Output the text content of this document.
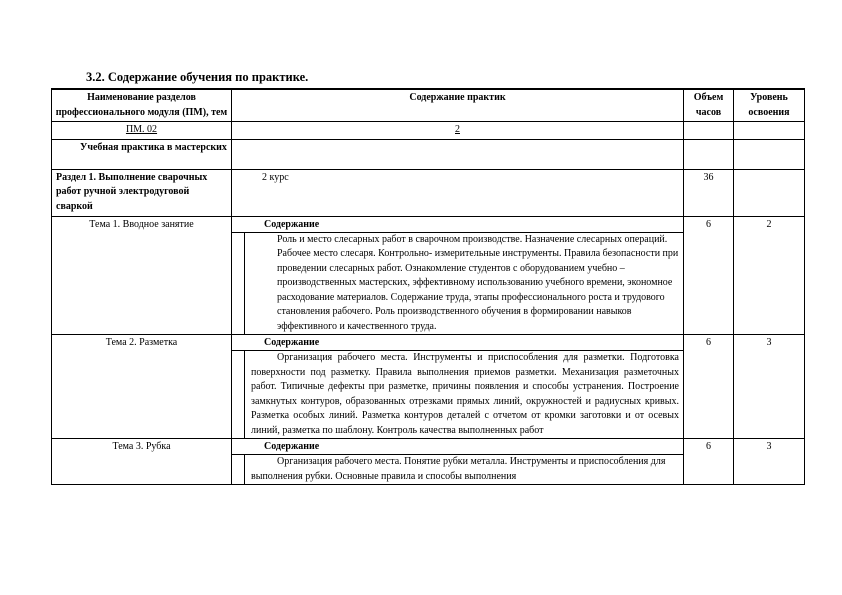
3.2. Содержание обучения по практике.
Наименование разделов профессионального модуля (ПМ), тем	Содержание практик	Объем часов	Уровень освоения
ПМ. 02	2		
Учебная практика в мастерских			
Раздел 1. Выполнение сварочных работ ручной электродуговой сваркой	2 курс	36	
Тема 1. Вводное занятие	Содержание
Роль и место слесарных работ в сварочном производстве. Назначение слесарных операций. Рабочее место слесаря. Контрольно- измерительные инструменты. Правила безопасности при проведении слесарных работ. Ознакомление студентов с оборудованием учебно – производственных мастерских, эффективному использованию учебного времени, экономное расходование материалов. Содержание труда, этапы профессионального роста и трудового становления рабочего. Роль производственного обучения в формировании навыков эффективного и качественного труда.	6	2
Тема 2. Разметка	Содержание
Организация рабочего места. Инструменты и приспособления для разметки. Подготовка поверхности под разметку. Правила выполнения приемов разметки. Механизация разметочных работ. Типичные дефекты при разметке, причины появления и способы устранения. Построение замкнутых контуров, образованных отрезками прямых линий, окружностей и радиусных кривых. Разметка особых линий. Разметка контуров деталей с отчетом от кромки заготовки и от осевых линий, разметка по шаблону. Контроль качества выполненных работ	6	3
Тема 3. Рубка	Содержание
Организация рабочего места. Понятие рубки металла. Инструменты и приспособления для выполнения рубки. Основные правила и способы выполнения	6	3
